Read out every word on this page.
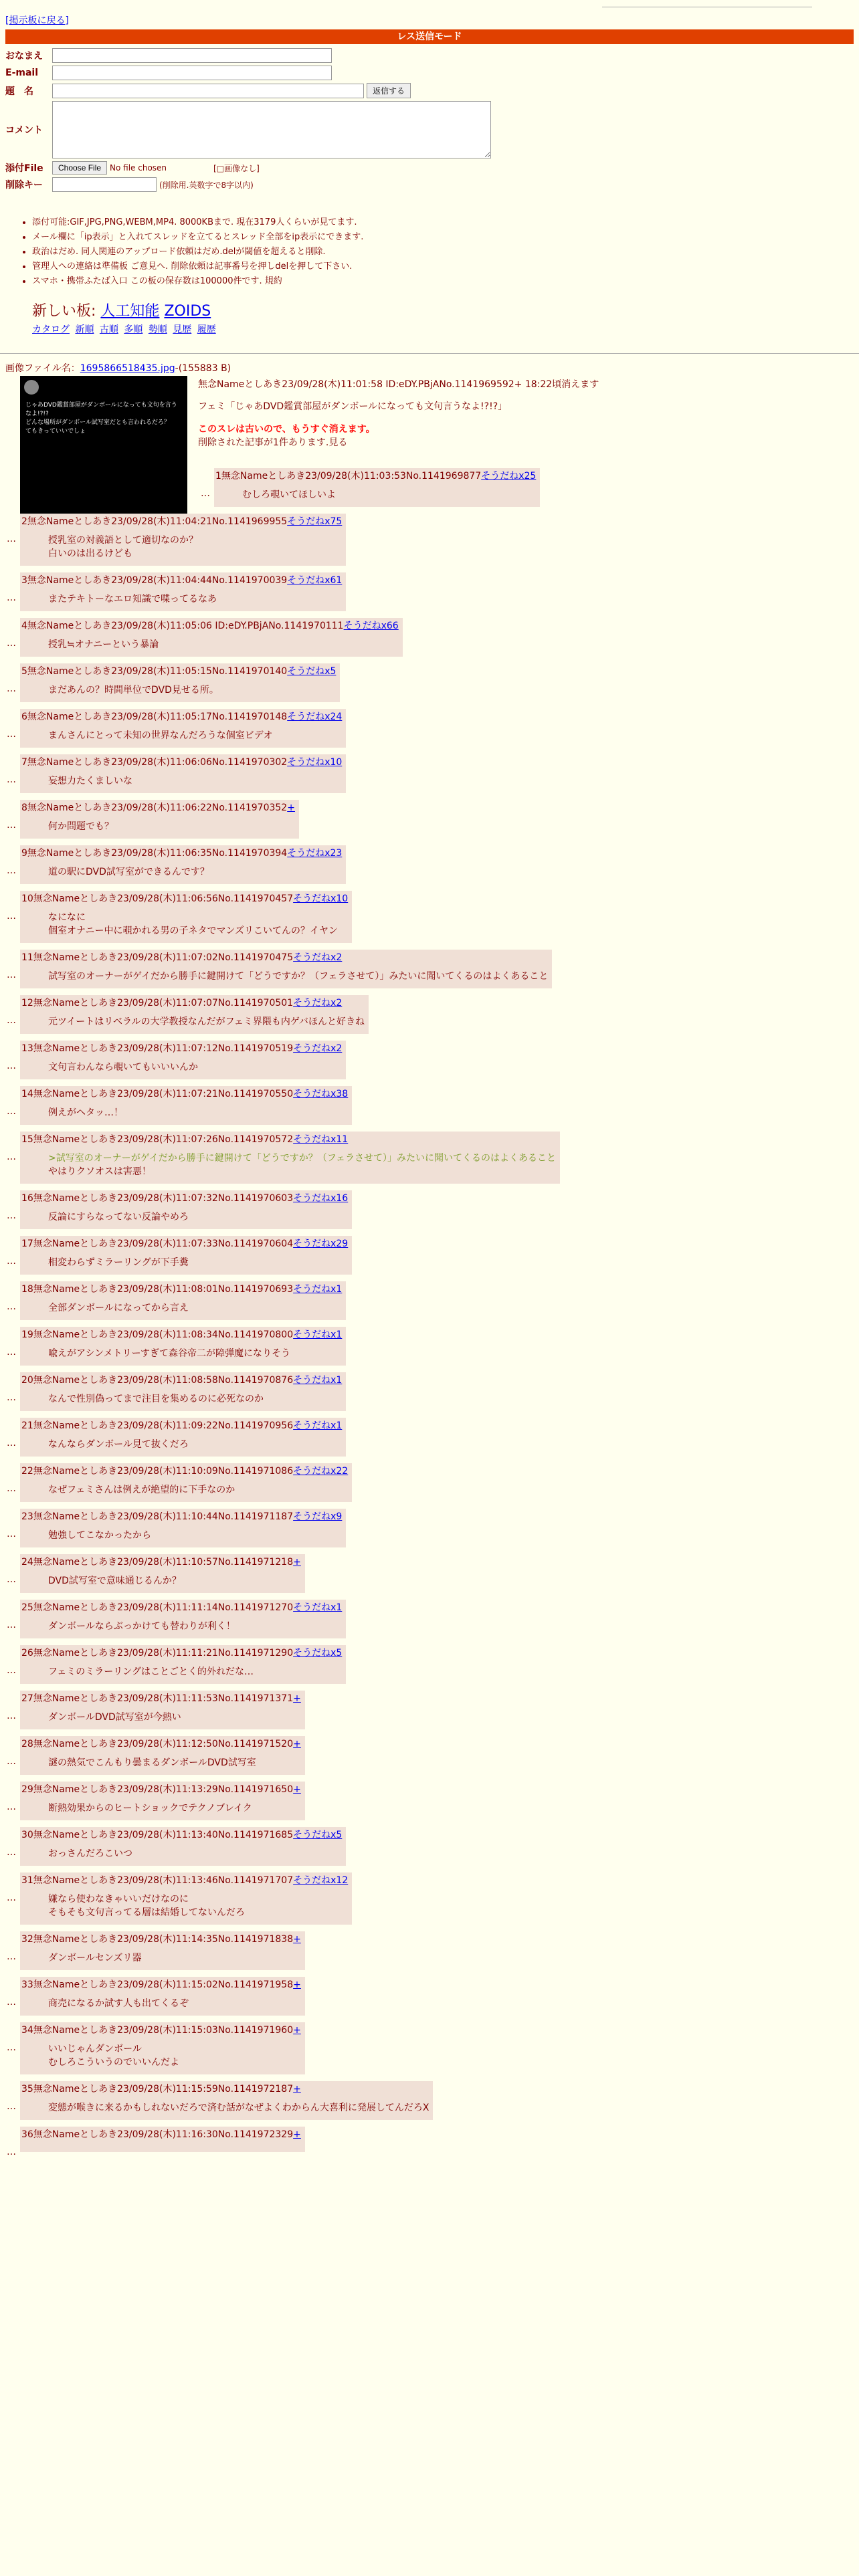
[掲示板に戻る]
レス送信モード
おなまえ
E-mail
題　名	返信する
コメント
添付File	Choose File	No file chosen	[□画像なし]
削除キー	(削除用.英数字で8字以内)
• 添付可能:GIF,JPG,PNG,WEBM,MP4. 8000KBまで. 現在3179人くらいが見てます.
• メール欄に「ip表示」と入れてスレッドを立てるとスレッド全部をip表示にできます.
• 政治はだめ. 同人関連のアップロード依頼はだめ.delが閾値を超えると削除.
• 管理人への連絡は準備板 ご意見へ. 削除依頼は記事番号を押しdelを押して下さい.
• スマホ・携帯ふたば入口 この板の保存数は100000件です. 規約
新しい板: 人工知能 ZOIDS
カタログ 新順 古順 多順 勢順 見歴 履歴
画像ファイル名：1695866518435.jpg-(155883 B)
じゃあDVD鑑賞部屋がダンボールになっても文句を言うなよ!?!?
どんな場所がダンボール試写室だとも言われるだろ？
てもきっていいでしょ
無念Nameとしあき23/09/28(木)11:01:58 ID:eDY.PBjANo.1141969592+ 18:22頃消えます
フェミ「じゃあDVD鑑賞部屋がダンボールになっても文句言うなよ!?!?」
このスレは古いので、もうすぐ消えます。
削除された記事が1件あります.見る
…
1無念Nameとしあき23/09/28(木)11:03:53No.1141969877そうだねx25
むしろ覗いてほしいよ
…
2無念Nameとしあき23/09/28(木)11:04:21No.1141969955そうだねx75
授乳室の対義語として適切なのか？
白いのは出るけども
…
3無念Nameとしあき23/09/28(木)11:04:44No.1141970039そうだねx61
またテキトーなエロ知識で喋ってるなあ
…
4無念Nameとしあき23/09/28(木)11:05:06 ID:eDY.PBjANo.1141970111そうだねx66
授乳≒オナニーという暴論
…
5無念Nameとしあき23/09/28(木)11:05:15No.1141970140そうだねx5
まだあんの？時間単位でDVD見せる所。
…
6無念Nameとしあき23/09/28(木)11:05:17No.1141970148そうだねx24
まんさんにとって未知の世界なんだろうな個室ビデオ
…
7無念Nameとしあき23/09/28(木)11:06:06No.1141970302そうだねx10
妄想力たくましいな
…
8無念Nameとしあき23/09/28(木)11:06:22No.1141970352+
何か問題でも？
…
9無念Nameとしあき23/09/28(木)11:06:35No.1141970394そうだねx23
道の駅にDVD試写室ができるんです？
…
10無念Nameとしあき23/09/28(木)11:06:56No.1141970457そうだねx10
なになに
個室オナニー中に覗かれる男の子ネタでマンズリこいてんの？イヤン
…
11無念Nameとしあき23/09/28(木)11:07:02No.1141970475そうだねx2
試写室のオーナーがゲイだから勝手に鍵開けて「どうですか？（フェラさせて）」みたいに聞いてくるのはよくあること
…
12無念Nameとしあき23/09/28(木)11:07:07No.1141970501そうだねx2
元ツイートはリベラルの大学教授なんだがフェミ界隈も内ゲバほんと好きね
…
13無念Nameとしあき23/09/28(木)11:07:12No.1141970519そうだねx2
文句言わんなら覗いてもいいいんか
…
14無念Nameとしあき23/09/28(木)11:07:21No.1141970550そうだねx38
例えがヘタッ…！
…
15無念Nameとしあき23/09/28(木)11:07:26No.1141970572そうだねx11
>試写室のオーナーがゲイだから勝手に鍵開けて「どうですか？（フェラさせて）」みたいに聞いてくるのはよくあること
やはりクソオスは害悪！
…
16無念Nameとしあき23/09/28(木)11:07:32No.1141970603そうだねx16
反論にすらなってない反論やめろ
…
17無念Nameとしあき23/09/28(木)11:07:33No.1141970604そうだねx29
相変わらずミラーリングが下手糞
…
18無念Nameとしあき23/09/28(木)11:08:01No.1141970693そうだねx1
全部ダンボールになってから言え
…
19無念Nameとしあき23/09/28(木)11:08:34No.1141970800そうだねx1
喩えがアシンメトリーすぎて森谷帝二が障弾魔になりそう
…
20無念Nameとしあき23/09/28(木)11:08:58No.1141970876そうだねx1
なんで性別偽ってまで注目を集めるのに必死なのか
…
21無念Nameとしあき23/09/28(木)11:09:22No.1141970956そうだねx1
なんならダンボール見て抜くだろ
…
22無念Nameとしあき23/09/28(木)11:10:09No.1141971086そうだねx22
なぜフェミさんは例えが絶望的に下手なのか
…
23無念Nameとしあき23/09/28(木)11:10:44No.1141971187そうだねx9
勉強してこなかったから
…
24無念Nameとしあき23/09/28(木)11:10:57No.1141971218+
DVD試写室で意味通じるんか？
…
25無念Nameとしあき23/09/28(木)11:11:14No.1141971270そうだねx1
ダンボールならぶっかけても替わりが利く！
…
26無念Nameとしあき23/09/28(木)11:11:21No.1141971290そうだねx5
フェミのミラーリングはことごとく的外れだな…
…
27無念Nameとしあき23/09/28(木)11:11:53No.1141971371+
ダンボールDVD試写室が今熱い
…
28無念Nameとしあき23/09/28(木)11:12:50No.1141971520+
謎の熱気でこんもり曇まるダンボールDVD試写室
…
29無念Nameとしあき23/09/28(木)11:13:29No.1141971650+
断熱効果からのヒートショックでテクノブレイク
…
30無念Nameとしあき23/09/28(木)11:13:40No.1141971685そうだねx5
おっさんだろこいつ
…
31無念Nameとしあき23/09/28(木)11:13:46No.1141971707そうだねx12
嫌なら使わなきゃいいだけなのに
そもそも文句言ってる層は結婚してないんだろ
…
32無念Nameとしあき23/09/28(木)11:14:35No.1141971838+
ダンボールセンズリ器
…
33無念Nameとしあき23/09/28(木)11:15:02No.1141971958+
商売になるか試す人も出てくるぞ
…
34無念Nameとしあき23/09/28(木)11:15:03No.1141971960+
いいじゃんダンボール
むしろこういうのでいいんだよ
…
35無念Nameとしあき23/09/28(木)11:15:59No.1141972187+
変態が喉きに来るかもしれないだろで済む話がなぜよくわからん大喜利に発展してんだろX
…
36無念Nameとしあき23/09/28(木)11:16:30No.1141972329+
